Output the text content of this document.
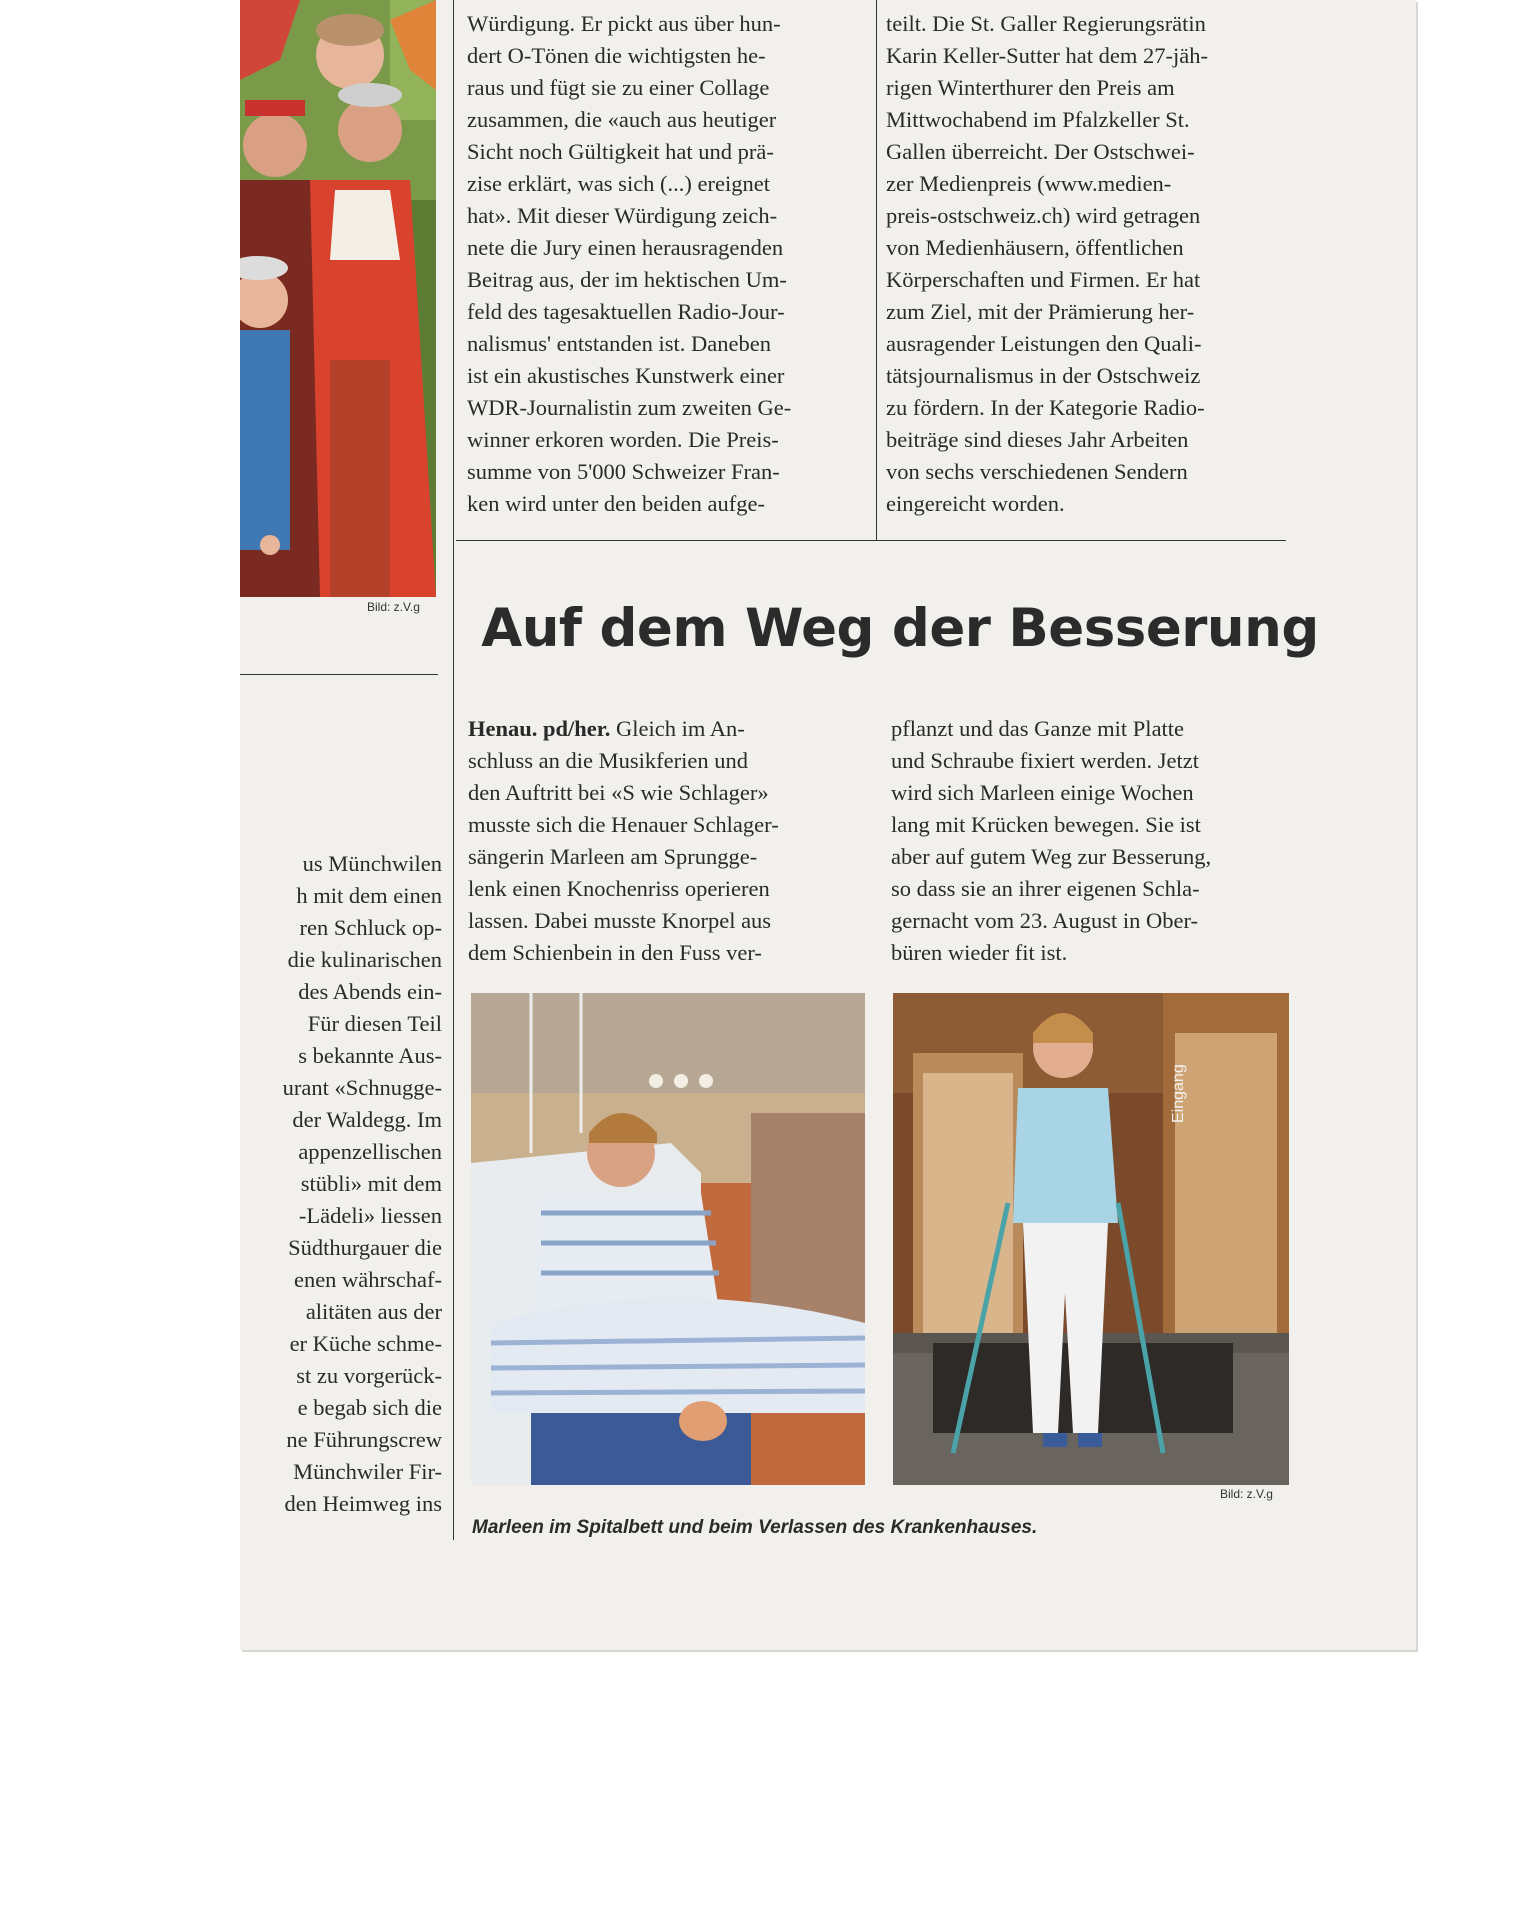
Bild: z.V.g

Würdigung. Er pickt aus über hun-

dert O-Tönen die wichtigsten he-

raus und fügt sie zu einer Collage

zusammen, die «auch aus heutiger

Sicht noch Gültigkeit hat und prä-

zise erklärt, was sich (...) ereignet

hat». Mit dieser Würdigung zeich-

nete die Jury einen herausragenden

Beitrag aus, der im hektischen Um-

feld des tagesaktuellen Radio-Jour-

nalismus' entstanden ist. Daneben

ist ein akustisches Kunstwerk einer

WDR-Journalistin zum zweiten Ge-

winner erkoren worden. Die Preis-

summe von 5'000 Schweizer Fran-

ken wird unter den beiden aufge-

teilt. Die St. Galler Regierungsrätin

Karin Keller-Sutter hat dem 27-jäh-

rigen Winterthurer den Preis am

Mittwochabend im Pfalzkeller St.

Gallen überreicht. Der Ostschwei-

zer Medienpreis (www.medien-

preis-ostschweiz.ch) wird getragen

von Medienhäusern, öffentlichen

Körperschaften und Firmen. Er hat

zum Ziel, mit der Prämierung her-

ausragender Leistungen den Quali-

tätsjournalismus in der Ostschweiz

zu fördern. In der Kategorie Radio-

beiträge sind dieses Jahr Arbeiten

von sechs verschiedenen Sendern

eingereicht worden.

us Münchwilen

h mit dem einen

ren Schluck op-

die kulinarischen

des Abends ein-

Für diesen Teil

s bekannte Aus-

urant «Schnugge-

der Waldegg. Im

appenzellischen

stübli» mit dem

-Lädeli» liessen

Südthurgauer die

enen währschaf-

alitäten aus der

er Küche schme-

st zu vorgerück-

e begab sich die

ne Führungscrew

Münchwiler Fir-

den Heimweg ins

Auf dem Weg der Besserung

Henau. pd/her. Gleich im An-

schluss an die Musikferien und

den Auftritt bei «S wie Schlager»

musste sich die Henauer Schlager-

sängerin Marleen am Sprungge-

lenk einen Knochenriss operieren

lassen. Dabei musste Knorpel aus

dem Schienbein in den Fuss ver-

pflanzt und das Ganze mit Platte

und Schraube fixiert werden. Jetzt

wird sich Marleen einige Wochen

lang mit Krücken bewegen. Sie ist

aber auf gutem Weg zur Besserung,

so dass sie an ihrer eigenen Schla-

gernacht vom 23. August in Ober-

büren wieder fit ist.

Eingang
Bild: z.V.g
Marleen im Spitalbett und beim Verlassen des Krankenhauses.
